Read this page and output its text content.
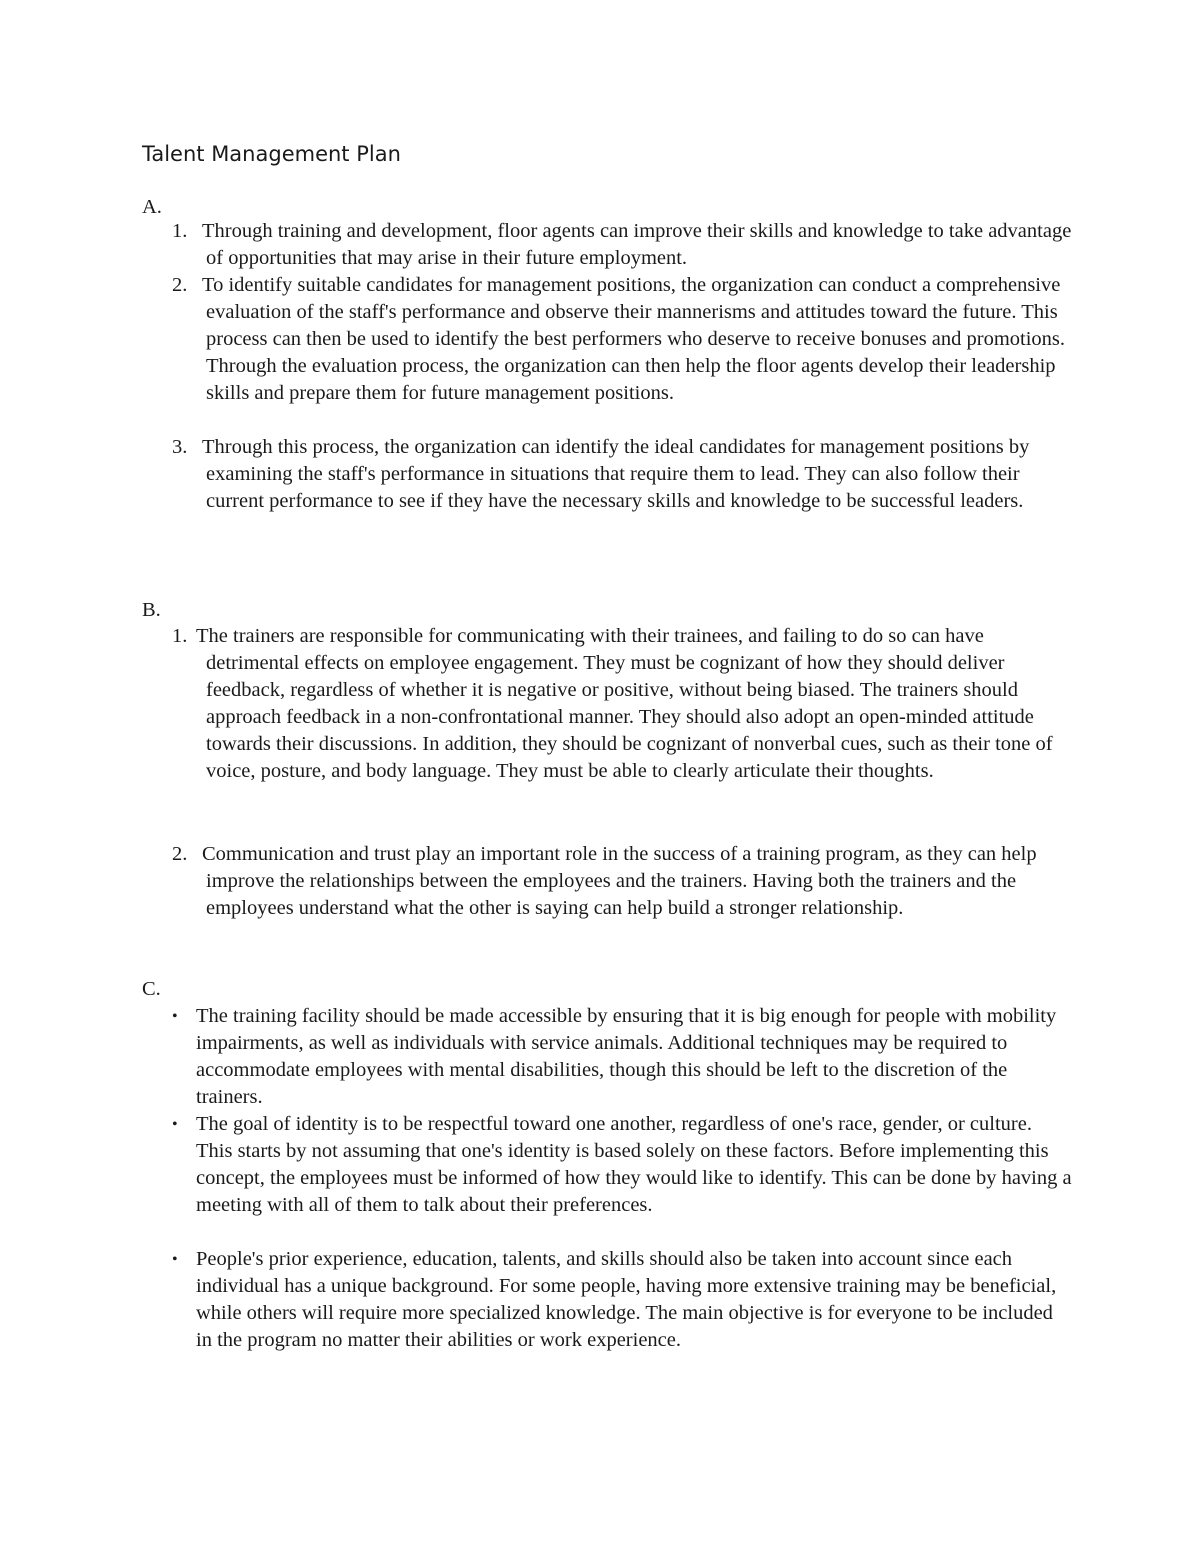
Talent Management Plan

A.

1. Through training and development, floor agents can improve their skills and knowledge to take advantage of opportunities that may arise in their future employment.
2. To identify suitable candidates for management positions, the organization can conduct a comprehensive evaluation of the staff's performance and observe their mannerisms and attitudes toward the future. This process can then be used to identify the best performers who deserve to receive bonuses and promotions. Through the evaluation process, the organization can then help the floor agents develop their leadership skills and prepare them for future management positions.
3. Through this process, the organization can identify the ideal candidates for management positions by examining the staff's performance in situations that require them to lead. They can also follow their current performance to see if they have the necessary skills and knowledge to be successful leaders.

B.

1. The trainers are responsible for communicating with their trainees, and failing to do so can have detrimental effects on employee engagement. They must be cognizant of how they should deliver feedback, regardless of whether it is negative or positive, without being biased. The trainers should approach feedback in a non-confrontational manner. They should also adopt an open-minded attitude towards their discussions. In addition, they should be cognizant of nonverbal cues, such as their tone of voice, posture, and body language. They must be able to clearly articulate their thoughts.
2. Communication and trust play an important role in the success of a training program, as they can help improve the relationships between the employees and the trainers. Having both the trainers and the employees understand what the other is saying can help build a stronger relationship.

C.

• The training facility should be made accessible by ensuring that it is big enough for people with mobility impairments, as well as individuals with service animals. Additional techniques may be required to accommodate employees with mental disabilities, though this should be left to the discretion of the trainers.
• The goal of identity is to be respectful toward one another, regardless of one's race, gender, or culture. This starts by not assuming that one's identity is based solely on these factors. Before implementing this concept, the employees must be informed of how they would like to identify. This can be done by having a meeting with all of them to talk about their preferences.
• People's prior experience, education, talents, and skills should also be taken into account since each individual has a unique background. For some people, having more extensive training may be beneficial, while others will require more specialized knowledge. The main objective is for everyone to be included in the program no matter their abilities or work experience.
